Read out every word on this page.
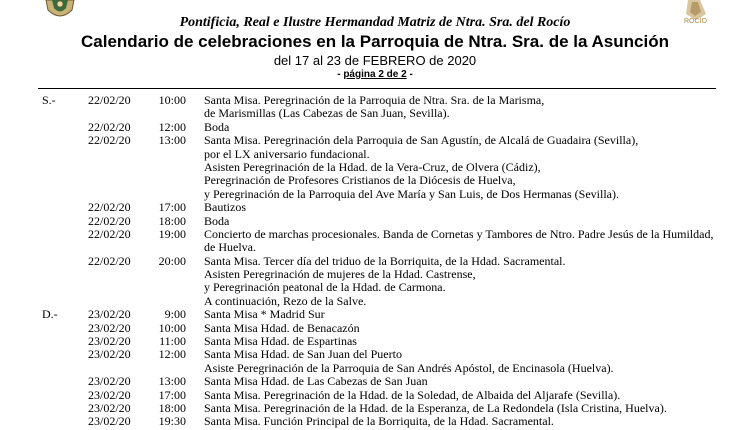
ROCÍO
Pontificia, Real e Ilustre Hermandad Matriz de Ntra. Sra. del Rocío
Calendario de celebraciones en la Parroquia de Ntra. Sra. de la Asunción
del 17 al 23 de FEBRERO de 2020
- página 2 de 2 -
S.-	22/02/20	10:00 Santa Misa. Peregrinación de la Parroquia de Ntra. Sra. de la Marisma,
de Marismillas (Las Cabezas de San Juan, Sevilla).
22/02/20	12:00 Boda
22/02/20	13:00 Santa Misa. Peregrinación dela Parroquia de San Agustín, de Alcalá de Guadaira (Sevilla),
por el LX aniversario fundacional.
Asisten Peregrinación de la Hdad. de la Vera-Cruz, de Olvera (Cádiz),
Peregrinación de Profesores Cristianos de la Diócesis de Huelva,
y Peregrinación de la Parroquia del Ave María y San Luis, de Dos Hermanas (Sevilla).
22/02/20	17:00 Bautizos
22/02/20	18:00 Boda
22/02/20	19:00 Concierto de marchas procesionales. Banda de Cornetas y Tambores de Ntro. Padre Jesús de la Humildad,
de Huelva.
22/02/20	20:00 Santa Misa. Tercer día del triduo de la Borriquita, de la Hdad. Sacramental.
Asisten Peregrinación de mujeres de la Hdad. Castrense,
y Peregrinación peatonal de la Hdad. de Carmona.
A continuación, Rezo de la Salve.
D.-	23/02/20	9:00 Santa Misa * Madrid Sur
23/02/20	10:00 Santa Misa Hdad. de Benacazón
23/02/20	11:00 Santa Misa Hdad. de Espartinas
23/02/20	12:00 Santa Misa Hdad. de San Juan del Puerto
Asiste Peregrinación de la Parroquia de San Andrés Apóstol, de Encinasola (Huelva).
23/02/20	13:00 Santa Misa Hdad. de Las Cabezas de San Juan
23/02/20	17:00 Santa Misa. Peregrinación de la Hdad. de la Soledad, de Albaida del Aljarafe (Sevilla).
23/02/20	18:00 Santa Misa. Peregrinación de la Hdad. de la Esperanza, de La Redondela (Isla Cristina, Huelva).
23/02/20	19:30 Santa Misa. Función Principal de la Borriquita, de la Hdad. Sacramental.
